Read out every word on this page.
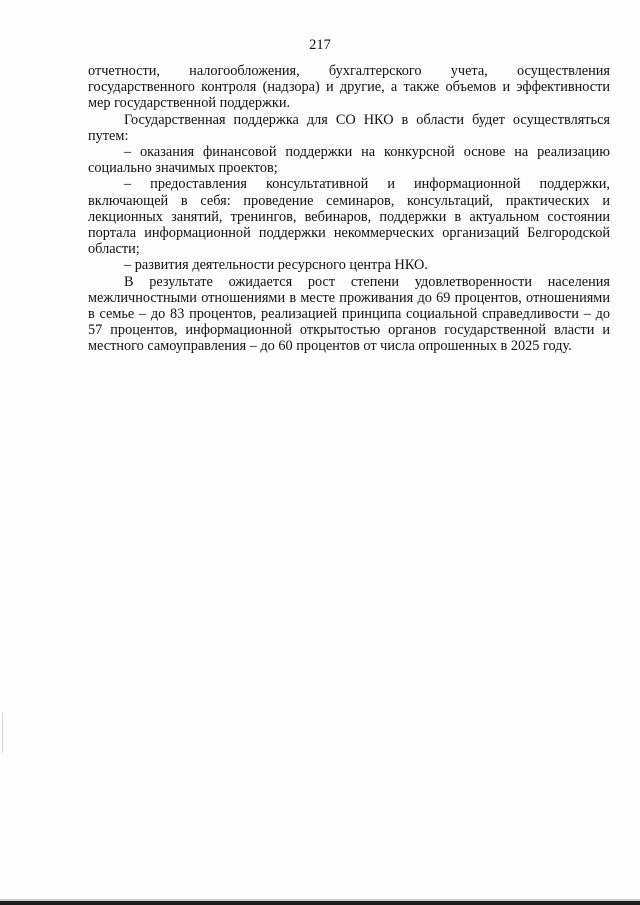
217

отчетности, налогообложения, бухгалтерского учета, осуществления государственного контроля (надзора) и другие, а также объемов и эффективности мер государственной поддержки.

Государственная поддержка для СО НКО в области будет осуществляться путем:

– оказания финансовой поддержки на конкурсной основе на реализацию социально значимых проектов;

– предоставления консультативной и информационной поддержки, включающей в себя: проведение семинаров, консультаций, практических и лекционных занятий, тренингов, вебинаров, поддержки в актуальном состоянии портала информационной поддержки некоммерческих организаций Белгородской области;

– развития деятельности ресурсного центра НКО.

В результате ожидается рост степени удовлетворенности населения межличностными отношениями в месте проживания до 69 процентов, отношениями в семье – до 83 процентов, реализацией принципа социальной справедливости – до 57 процентов, информационной открытостью органов государственной власти и местного самоуправления – до 60 процентов от числа опрошенных в 2025 году.
